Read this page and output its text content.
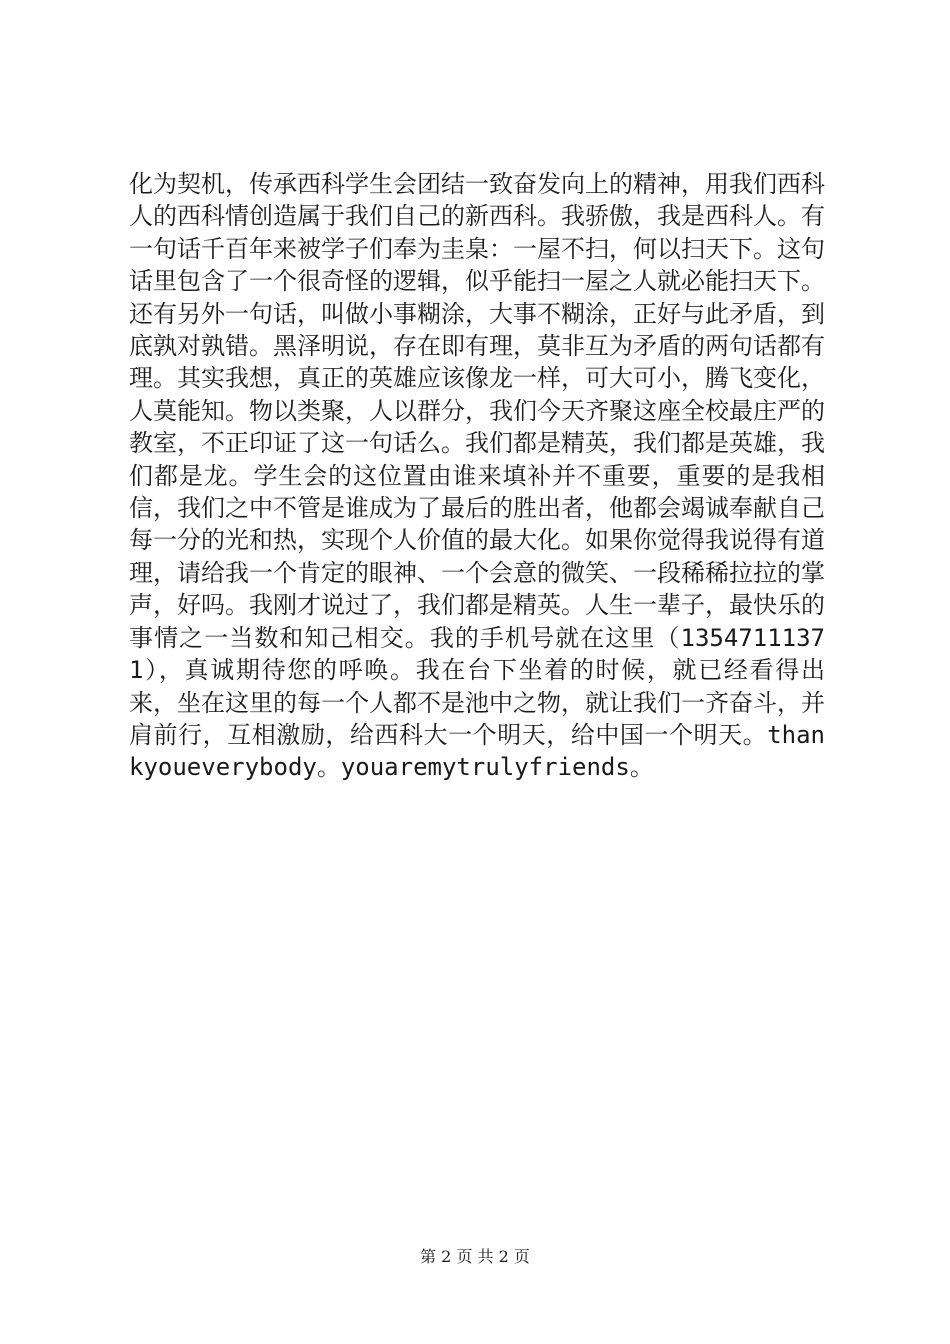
化为契机，传承西科学生会团结一致奋发向上的精神，用我们西科人的西科情创造属于我们自己的新西科。我骄傲，我是西科人。有一句话千百年来被学子们奉为圭臬：一屋不扫，何以扫天下。这句话里包含了一个很奇怪的逻辑，似乎能扫一屋之人就必能扫天下。还有另外一句话，叫做小事糊涂，大事不糊涂，正好与此矛盾，到底孰对孰错。黑泽明说，存在即有理，莫非互为矛盾的两句话都有理。其实我想，真正的英雄应该像龙一样，可大可小，腾飞变化，人莫能知。物以类聚，人以群分，我们今天齐聚这座全校最庄严的教室，不正印证了这一句话么。我们都是精英，我们都是英雄，我们都是龙。学生会的这位置由谁来填补并不重要，重要的是我相信，我们之中不管是谁成为了最后的胜出者，他都会竭诚奉献自己每一分的光和热，实现个人价值的最大化。如果你觉得我说得有道理，请给我一个肯定的眼神、一个会意的微笑、一段稀稀拉拉的掌声，好吗。我刚才说过了，我们都是精英。人生一辈子，最快乐的事情之一当数和知己相交。我的手机号就在这里（13547111371），真诚期待您的呼唤。我在台下坐着的时候，就已经看得出来，坐在这里的每一个人都不是池中之物，就让我们一齐奋斗，并肩前行，互相激励，给西科大一个明天，给中国一个明天。thankyoueverybody。youaremytrulyfriends。

第 2 页 共 2 页
